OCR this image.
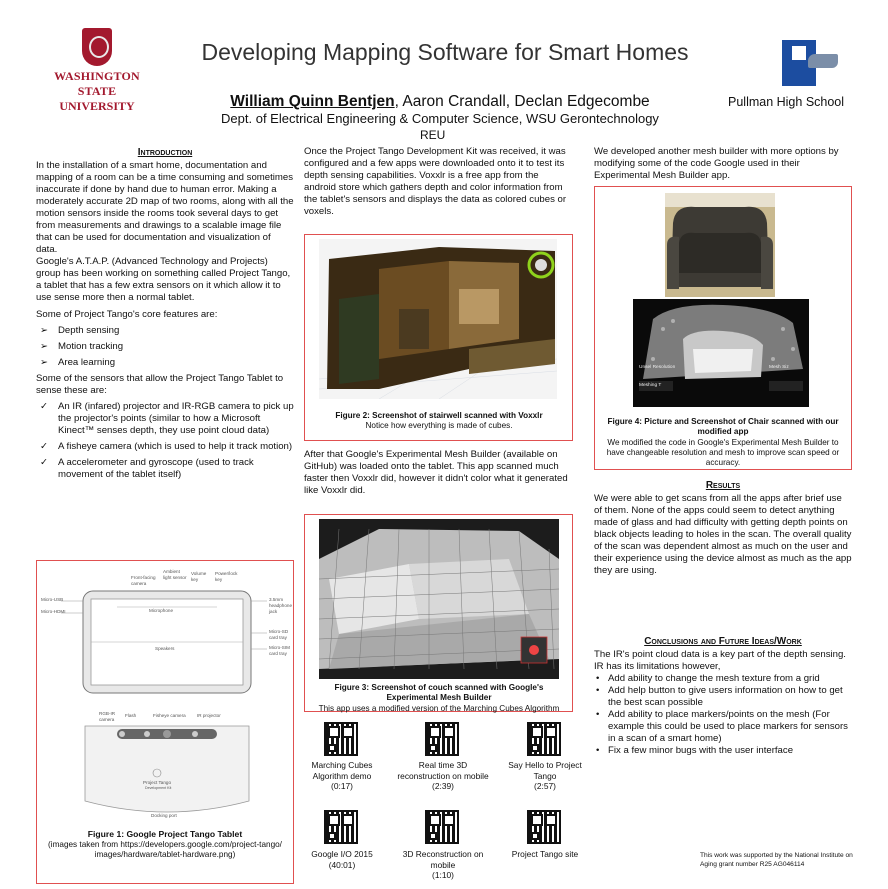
WASHINGTON STATE
UNIVERSITY
Developing Mapping Software for Smart Homes
William Quinn Bentjen, Aaron Crandall, Declan Edgecombe
Dept. of Electrical Engineering & Computer Science, WSU Gerontechnology
REU
Pullman High School
Introduction

In the installation of a smart home, documentation and mapping of a room can be a time consuming and sometimes inaccurate if done by hand due to human error. Making a moderately accurate 2D map of two rooms, along with all the motion sensors inside the rooms took several days to get from measurements and drawings to a scalable image file that can be used for documentation and visualization of data.

Google's A.T.A.P. (Advanced Technology and Projects) group has been working on something called Project Tango, a tablet that has a few extra sensors on it which allow it to use sense more then a normal tablet.

Some of Project Tango's core features are:

➢ Depth sensing
➢ Motion tracking
➢ Area learning

Some of the sensors that allow the Project Tango Tablet to sense these are:

✓ An IR (infared) projector and IR-RGB camera to pick up the projector's points (similar to how a Microsoft Kinect™ senses depth, they use point cloud data)
✓ A fisheye camera (which is used to help it track motion)
✓ A accelerometer and gyroscope (used to track movement of the tablet itself)
Micro-USB
Micro-HDMI
Front-facing camera
Ambient light sensor
Volume key
Power/lock key
Microphone
Speakers
3.5mm headphone jack
Micro-SD card tray
Micro-SIM card tray
RGB-IR camera
Flash	Fisheye camera IR projector
Project Tango
Development Kit
Docking port
Figure 1: Google Project Tango Tablet
(images taken from https://developers.google.com/project-tango/ images/hardware/tablet-hardware.png)
Once the Project Tango Development Kit was received, it was configured and a few apps were downloaded onto it to test its depth sensing capabilities. Voxxlr is a free app from the android store which gathers depth and color information from the tablet's sensors and displays the data as colored cubes or voxels.
Figure 2: Screenshot of stairwell scanned with Voxxlr
Notice how everything is made of cubes.
After that Google's Experimental Mesh Builder (available on GitHub) was loaded onto the tablet. This app scanned much faster then Voxxlr did, however it didn't color what it generated like Voxxlr did.
Figure 3: Screenshot of couch scanned with Google's Experimental Mesh Builder
This app uses a modified version of the Marching Cubes Algorithm
Marching Cubes Algorithm demo
(0:17)
Real time 3D reconstruction on mobile
(2:39)
Say Hello to Project Tango
(2:57)
Google I/O 2015
(40:01)
3D Reconstruction on mobile
(1:10)
Project Tango site
We developed another mesh builder with more options by modifying some of the code Google used in their Experimental Mesh Builder app.
Unsel Resolution
Meshing T
Mesh Siz
Figure 4: Picture and Screenshot of Chair scanned with our modified app
We modified the code in Google's Experimental Mesh Builder to have changeable resolution and mesh to improve scan speed or accuracy.
Results

We were able to get scans from all the apps after brief use of them. None of the apps could seem to detect anything made of glass and had difficulty with getting depth points on black objects leading to holes in the scan. The overall quality of the scan was dependent almost as much on the user and their experience using the device almost as much as the app they are using.

Conclusions and Future Ideas/Work

The IR's point cloud data is a key part of the depth sensing. IR has its limitations however,

• Add ability to change the mesh texture from a grid
• Add help button to give users information on how to get the best scan possible
• Add ability to place markers/points on the mesh (For example this could be used to place markers for sensors in a scan of a smart home)
• Fix a few minor bugs with the user interface
This work was supported by the National Institute on Aging grant number R25 AG046114
